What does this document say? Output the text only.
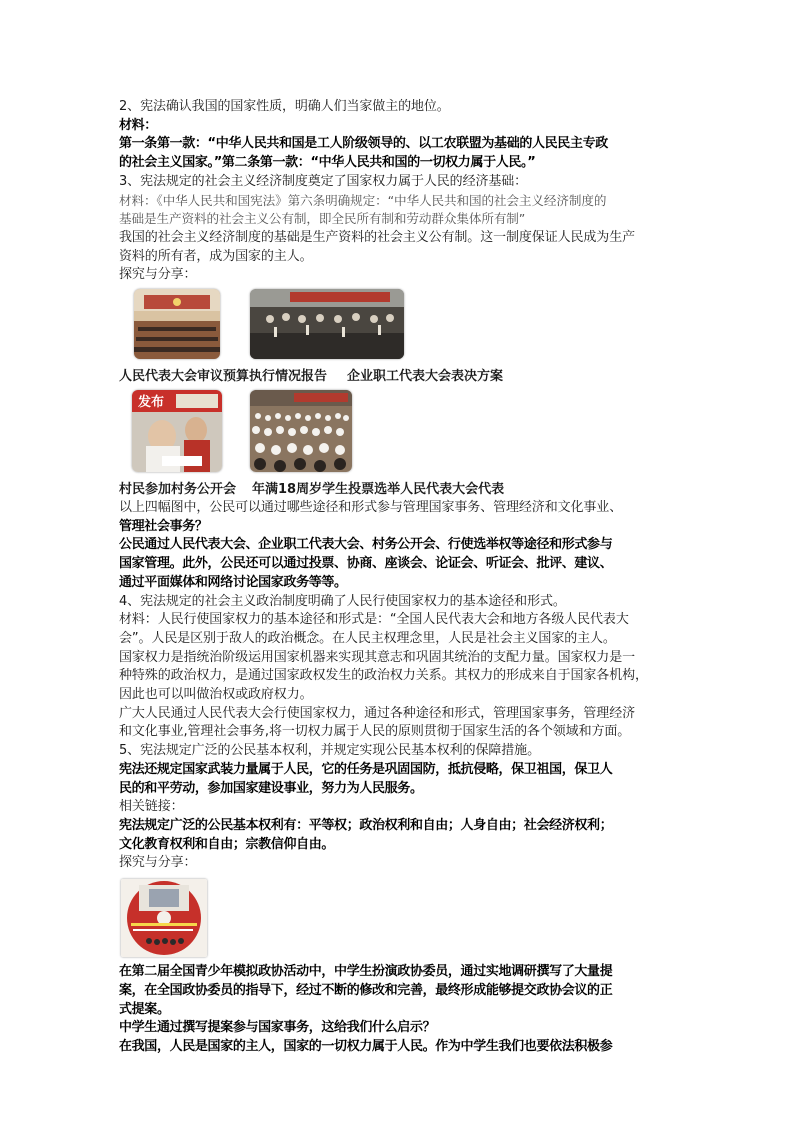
2、宪法确认我国的国家性质，明确人们当家做主的地位。
材料：
第一条第一款：“中华人民共和国是工人阶级领导的、以工农联盟为基础的人民民主专政
的社会主义国家。”第二条第一款：“中华人民共和国的一切权力属于人民。”
3、宪法规定的社会主义经济制度奠定了国家权力属于人民的经济基础：
材料：《中华人民共和国宪法》第六条明确规定：“中华人民共和国的社会主义经济制度的
基础是生产资料的社会主义公有制，即全民所有制和劳动群众集体所有制”
我国的社会主义经济制度的基础是生产资料的社会主义公有制。这一制度保证人民成为生产
资料的所有者，成为国家的主人。
探究与分享：
人民代表大会审议预算执行情况报告 企业职工代表大会表决方案
发布
村民参加村务公开会 年满18周岁学生投票选举人民代表大会代表
以上四幅图中，公民可以通过哪些途径和形式参与管理国家事务、管理经济和文化事业、
管理社会事务？
公民通过人民代表大会、企业职工代表大会、村务公开会、行使选举权等途径和形式参与
国家管理。此外，公民还可以通过投票、协商、座谈会、论证会、听证会、批评、建议、
通过平面媒体和网络讨论国家政务等等。
4、宪法规定的社会主义政治制度明确了人民行使国家权力的基本途径和形式。
材料：人民行使国家权力的基本途径和形式是：“全国人民代表大会和地方各级人民代表大
会”。人民是区别于敌人的政治概念。在人民主权理念里，人民是社会主义国家的主人。
国家权力是指统治阶级运用国家机器来实现其意志和巩固其统治的支配力量。国家权力是一
种特殊的政治权力，是通过国家政权发生的政治权力关系。其权力的形成来自于国家各机构，
因此也可以叫做治权或政府权力。
广大人民通过人民代表大会行使国家权力，通过各种途径和形式，管理国家事务，管理经济
和文化事业,管理社会事务,将一切权力属于人民的原则贯彻于国家生活的各个领域和方面。
5、宪法规定广泛的公民基本权利，并规定实现公民基本权利的保障措施。
宪法还规定国家武装力量属于人民，它的任务是巩固国防，抵抗侵略，保卫祖国，保卫人
民的和平劳动，参加国家建设事业，努力为人民服务。
相关链接：
宪法规定广泛的公民基本权利有：平等权；政治权利和自由；人身自由；社会经济权利；
文化教育权利和自由；宗教信仰自由。
探究与分享：
在第二届全国青少年模拟政协活动中，中学生扮演政协委员，通过实地调研撰写了大量提
案，在全国政协委员的指导下，经过不断的修改和完善，最终形成能够提交政协会议的正
式提案。
中学生通过撰写提案参与国家事务，这给我们什么启示？
在我国，人民是国家的主人，国家的一切权力属于人民。作为中学生我们也要依法积极参
